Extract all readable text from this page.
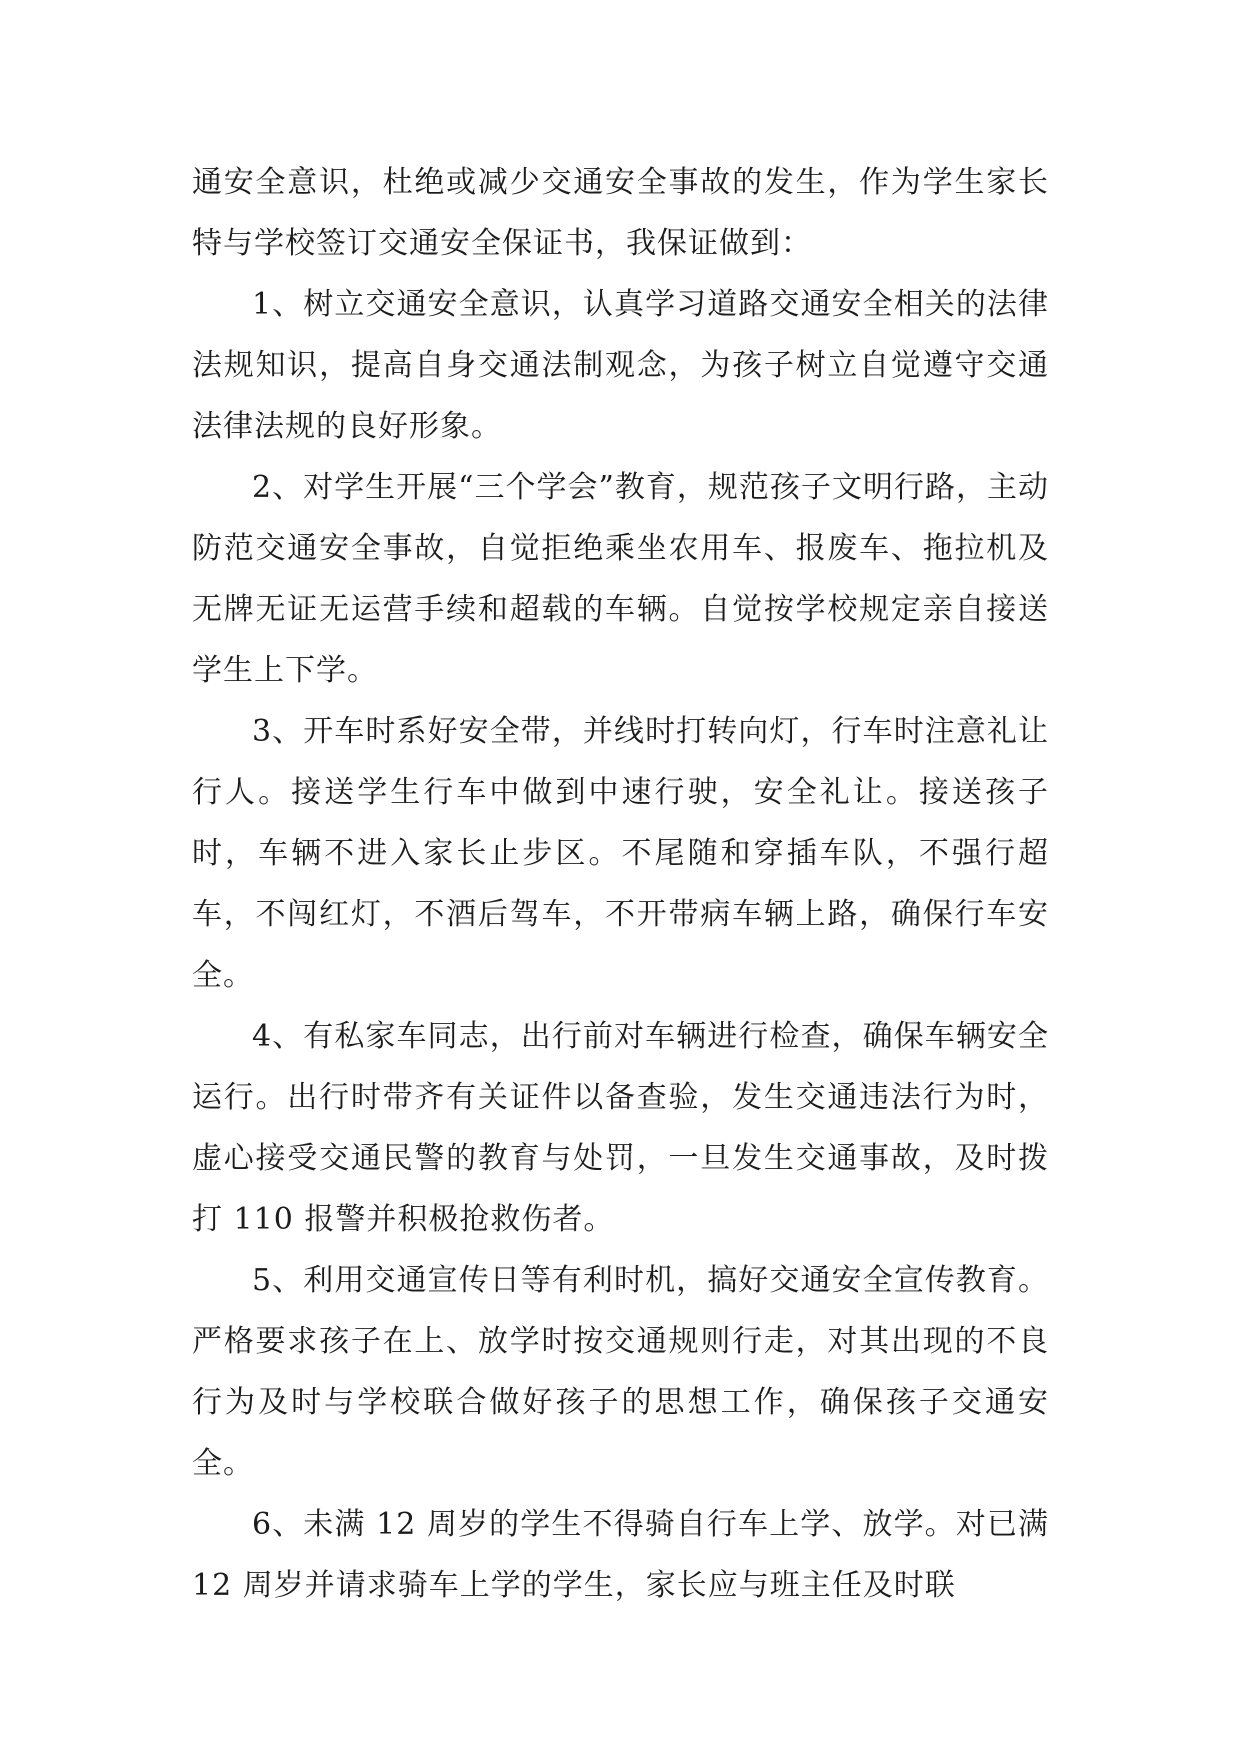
通安全意识，杜绝或减少交通安全事故的发生，作为学生家长特与学校签订交通安全保证书，我保证做到：

1、树立交通安全意识，认真学习道路交通安全相关的法律法规知识，提高自身交通法制观念，为孩子树立自觉遵守交通法律法规的良好形象。

2、对学生开展“三个学会”教育，规范孩子文明行路，主动防范交通安全事故，自觉拒绝乘坐农用车、报废车、拖拉机及无牌无证无运营手续和超载的车辆。自觉按学校规定亲自接送学生上下学。

3、开车时系好安全带，并线时打转向灯，行车时注意礼让行人。接送学生行车中做到中速行驶，安全礼让。接送孩子时，车辆不进入家长止步区。不尾随和穿插车队，不强行超车，不闯红灯，不酒后驾车，不开带病车辆上路，确保行车安全。

4、有私家车同志，出行前对车辆进行检查，确保车辆安全运行。出行时带齐有关证件以备查验，发生交通违法行为时，虚心接受交通民警的教育与处罚，一旦发生交通事故，及时拨打 110 报警并积极抢救伤者。

5、利用交通宣传日等有利时机，搞好交通安全宣传教育。严格要求孩子在上、放学时按交通规则行走，对其出现的不良行为及时与学校联合做好孩子的思想工作，确保孩子交通安全。

6、未满 12 周岁的学生不得骑自行车上学、放学。对已满 12 周岁并请求骑车上学的学生，家长应与班主任及时联
